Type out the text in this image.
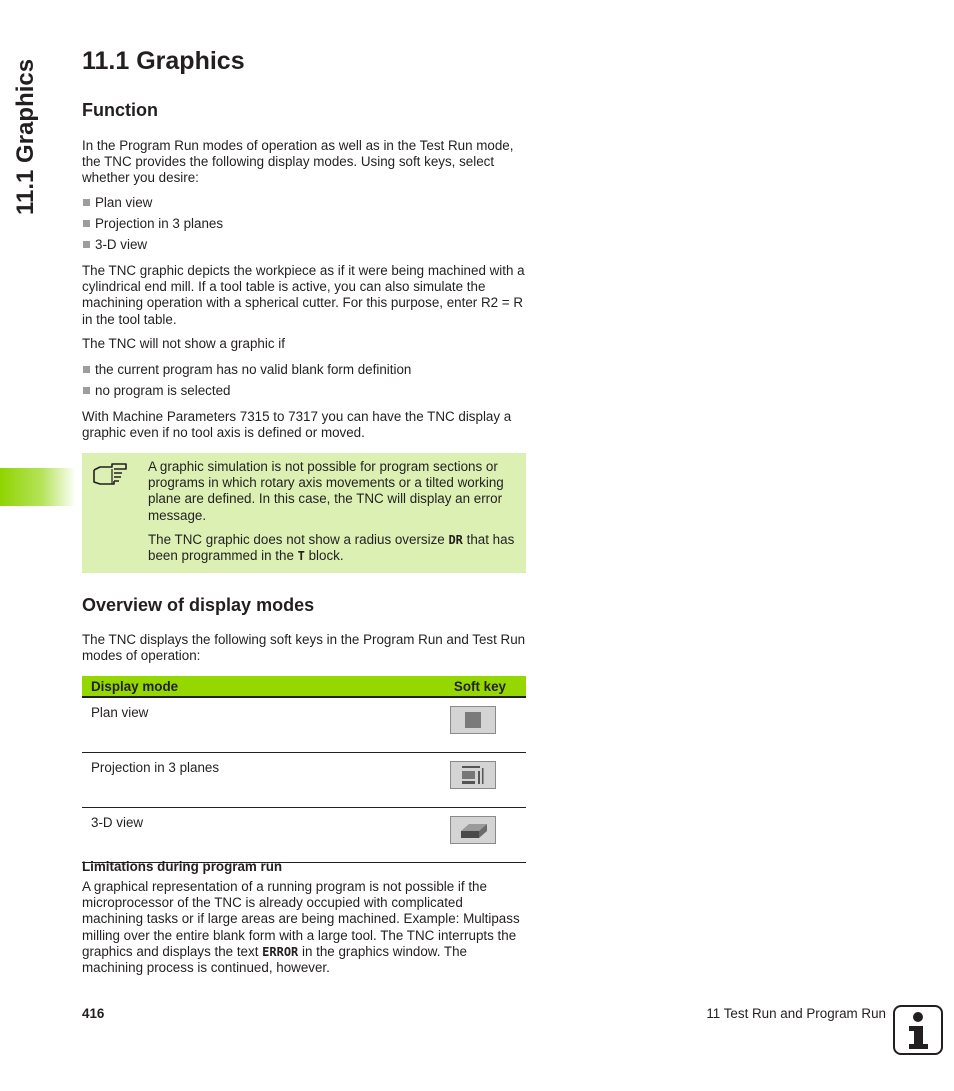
11.1 Graphics 11.1 Graphics
Function

In the Program Run modes of operation as well as in the Test Run mode, the TNC provides the following display modes. Using soft keys, select whether you desire:

Plan view
Projection in 3 planes
3-D view

The TNC graphic depicts the workpiece as if it were being machined with a cylindrical end mill. If a tool table is active, you can also simulate the machining operation with a spherical cutter. For this purpose, enter R2 = R in the tool table.

The TNC will not show a graphic if

the current program has no valid blank form definition
no program is selected

With Machine Parameters 7315 to 7317 you can have the TNC display a graphic even if no tool axis is defined or moved.

A graphic simulation is not possible for program sections or programs in which rotary axis movements or a tilted working plane are defined. In this case, the TNC will display an error message.

The TNC graphic does not show a radius oversize DR that has been programmed in the T block.

Overview of display modes

The TNC displays the following soft keys in the Program Run and Test Run modes of operation:

Display mode	Soft key
Plan view	
Projection in 3 planes	
3-D view	
Limitations during program run

A graphical representation of a running program is not possible if the microprocessor of the TNC is already occupied with complicated machining tasks or if large areas are being machined. Example: Multipass milling over the entire blank form with a large tool. The TNC interrupts the graphics and displays the text ERROR in the graphics window. The machining process is continued, however.

416	11 Test Run and Program Run
